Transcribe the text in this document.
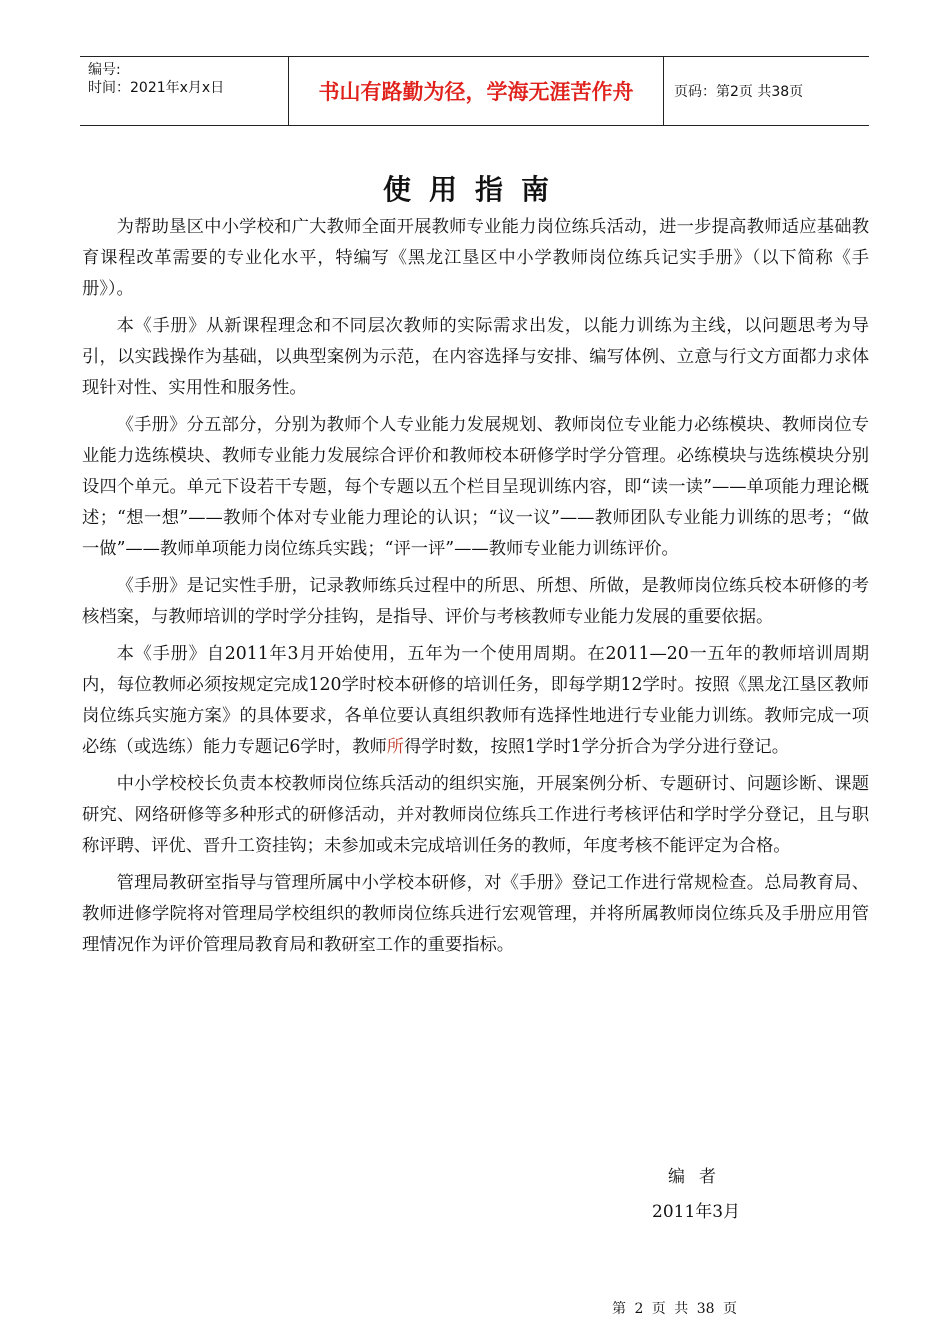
编号:
时间：2021年x月x日	书山有路勤为径，学海无涯苦作舟	页码：第2页 共38页
使用指南

为帮助垦区中小学校和广大教师全面开展教师专业能力岗位练兵活动，进一步提高教师适应基础教育课程改革需要的专业化水平，特编写《黑龙江垦区中小学教师岗位练兵记实手册》（以下简称《手册》）。

本《手册》从新课程理念和不同层次教师的实际需求出发，以能力训练为主线，以问题思考为导引，以实践操作为基础，以典型案例为示范，在内容选择与安排、编写体例、立意与行文方面都力求体现针对性、实用性和服务性。

《手册》分五部分，分别为教师个人专业能力发展规划、教师岗位专业能力必练模块、教师岗位专业能力选练模块、教师专业能力发展综合评价和教师校本研修学时学分管理。必练模块与选练模块分别设四个单元。单元下设若干专题，每个专题以五个栏目呈现训练内容，即“读一读”——单项能力理论概述；“想一想”——教师个体对专业能力理论的认识；“议一议”——教师团队专业能力训练的思考；“做一做”——教师单项能力岗位练兵实践；“评一评”——教师专业能力训练评价。

《手册》是记实性手册，记录教师练兵过程中的所思、所想、所做，是教师岗位练兵校本研修的考核档案，与教师培训的学时学分挂钩，是指导、评价与考核教师专业能力发展的重要依据。

本《手册》自2011年3月开始使用，五年为一个使用周期。在2011—20一五年的教师培训周期内，每位教师必须按规定完成120学时校本研修的培训任务，即每学期12学时。按照《黑龙江垦区教师岗位练兵实施方案》的具体要求，各单位要认真组织教师有选择性地进行专业能力训练。教师完成一项必练（或选练）能力专题记6学时，教师所得学时数，按照1学时1学分折合为学分进行登记。

中小学校校长负责本校教师岗位练兵活动的组织实施，开展案例分析、专题研讨、问题诊断、课题研究、网络研修等多种形式的研修活动，并对教师岗位练兵工作进行考核评估和学时学分登记，且与职称评聘、评优、晋升工资挂钩；未参加或未完成培训任务的教师，年度考核不能评定为合格。

管理局教研室指导与管理所属中小学校本研修，对《手册》登记工作进行常规检查。总局教育局、教师进修学院将对管理局学校组织的教师岗位练兵进行宏观管理，并将所属教师岗位练兵及手册应用管理情况作为评价管理局教育局和教研室工作的重要指标。

编者
2011年3月
第 2 页 共 38 页
